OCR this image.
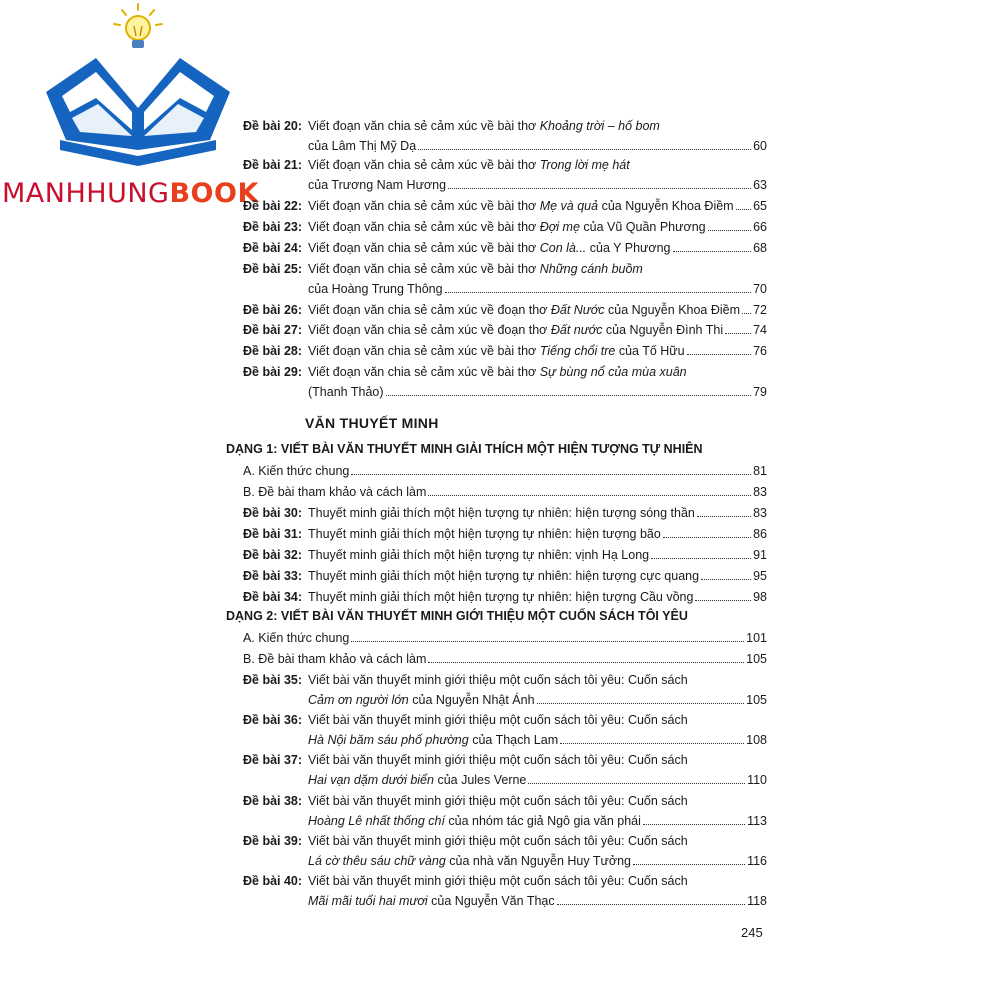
MANHHUNGBOOK
Đề bài 20: Viết đoạn văn chia sẻ cảm xúc về bài thơ Khoảng trời – hố bom
của Lâm Thị Mỹ Dạ	60
Đề bài 21: Viết đoạn văn chia sẻ cảm xúc về bài thơ Trong lời mẹ hát
của Trương Nam Hương	63
Đề bài 22: Viết đoạn văn chia sẻ cảm xúc về bài thơ Mẹ và quả của Nguyễn Khoa Điềm 65
Đề bài 23: Viết đoạn văn chia sẻ cảm xúc về bài thơ Đợi mẹ của Vũ Quần Phương	66
Đề bài 24: Viết đoạn văn chia sẻ cảm xúc về bài thơ Con là... của Y Phương	68
Đề bài 25: Viết đoạn văn chia sẻ cảm xúc về bài thơ Những cánh buồm
của Hoàng Trung Thông	70
Đề bài 26: Viết đoạn văn chia sẻ cảm xúc về đoạn thơ Đất Nước của Nguyễn Khoa Điềm 72
Đề bài 27: Viết đoạn văn chia sẻ cảm xúc về đoạn thơ Đất nước của Nguyễn Đình Thi 74
Đề bài 28: Viết đoạn văn chia sẻ cảm xúc về bài thơ Tiếng chổi tre của Tố Hữu	76
Đề bài 29: Viết đoạn văn chia sẻ cảm xúc về bài thơ Sự bùng nổ của mùa xuân
(Thanh Thảo)	79
VĂN THUYẾT MINH
DẠNG 1: VIẾT BÀI VĂN THUYẾT MINH GIẢI THÍCH MỘT HIỆN TƯỢNG TỰ NHIÊN
A. Kiến thức chung	81
B. Đề bài tham khảo và cách làm	83
Đề bài 30: Thuyết minh giải thích một hiện tượng tự nhiên: hiện tượng sóng thần	83
Đề bài 31: Thuyết minh giải thích một hiện tượng tự nhiên: hiện tượng bão	86
Đề bài 32: Thuyết minh giải thích một hiện tượng tự nhiên: vịnh Hạ Long	91
Đề bài 33: Thuyết minh giải thích một hiện tượng tự nhiên: hiện tượng cực quang	95
Đề bài 34: Thuyết minh giải thích một hiện tượng tự nhiên: hiện tượng Cầu vồng	98
DẠNG 2: VIẾT BÀI VĂN THUYẾT MINH GIỚI THIỆU MỘT CUỐN SÁCH TÔI YÊU
A. Kiến thức chung	101
B. Đề bài tham khảo và cách làm	105
Đề bài 35: Viết bài văn thuyết minh giới thiệu một cuốn sách tôi yêu: Cuốn sách
Cảm ơn người lớn của Nguyễn Nhật Ánh	105
Đề bài 36: Viết bài văn thuyết minh giới thiệu một cuốn sách tôi yêu: Cuốn sách
Hà Nội băm sáu phố phường của Thạch Lam	108
Đề bài 37: Viết bài văn thuyết minh giới thiệu một cuốn sách tôi yêu: Cuốn sách
Hai vạn dặm dưới biển của Jules Verne	110
Đề bài 38: Viết bài văn thuyết minh giới thiệu một cuốn sách tôi yêu: Cuốn sách
Hoàng Lê nhất thống chí của nhóm tác giả Ngô gia văn phái	113
Đề bài 39: Viết bài văn thuyết minh giới thiệu một cuốn sách tôi yêu: Cuốn sách
Lá cờ thêu sáu chữ vàng của nhà văn Nguyễn Huy Tưởng	116
Đề bài 40: Viết bài văn thuyết minh giới thiệu một cuốn sách tôi yêu: Cuốn sách
Mãi mãi tuổi hai mươi của Nguyễn Văn Thạc	118
245
